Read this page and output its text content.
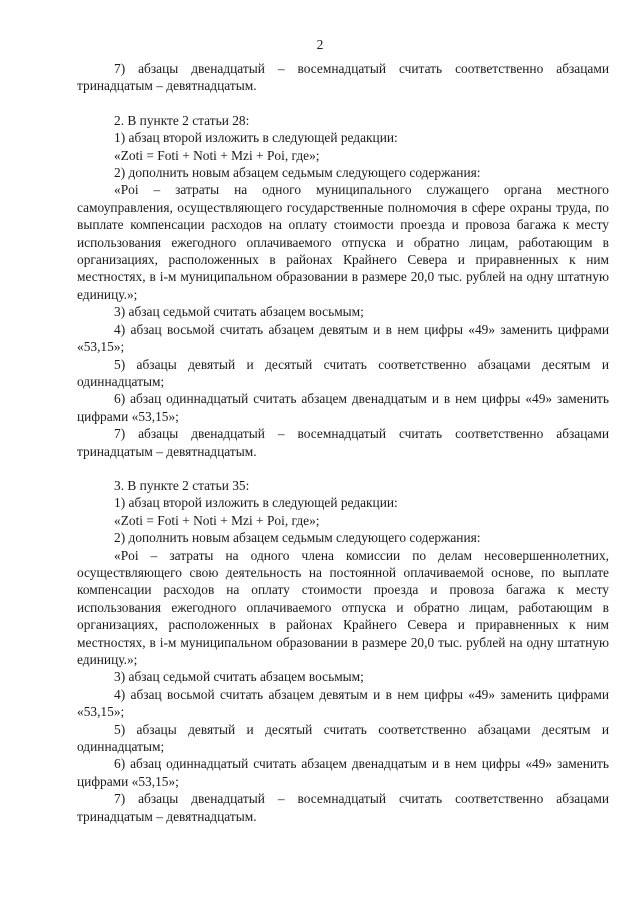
2

7) абзацы двенадцатый – восемнадцатый считать соответственно абзацами тринадцатым – девятнадцатым.

2. В пункте 2 статьи 28:

1) абзац второй изложить в следующей редакции:

«Zoti = Foti + Noti + Mzi + Poi, где»;

2) дополнить новым абзацем седьмым следующего содержания:

«Poi – затраты на одного муниципального служащего органа местного самоуправления, осуществляющего государственные полномочия в сфере охраны труда, по выплате компенсации расходов на оплату стоимости проезда и провоза багажа к месту использования ежегодного оплачиваемого отпуска и обратно лицам, работающим в организациях, расположенных в районах Крайнего Севера и приравненных к ним местностях, в i-м муниципальном образовании в размере 20,0 тыс. рублей на одну штатную единицу.»;

3) абзац седьмой считать абзацем восьмым;

4) абзац восьмой считать абзацем девятым и в нем цифры «49» заменить цифрами «53,15»;

5) абзацы девятый и десятый считать соответственно абзацами десятым и одиннадцатым;

6) абзац одиннадцатый считать абзацем двенадцатым и в нем цифры «49» заменить цифрами «53,15»;

7) абзацы двенадцатый – восемнадцатый считать соответственно абзацами тринадцатым – девятнадцатым.

3. В пункте 2 статьи 35:

1) абзац второй изложить в следующей редакции:

«Zoti = Foti + Noti + Mzi + Poi, где»;

2) дополнить новым абзацем седьмым следующего содержания:

«Poi – затраты на одного члена комиссии по делам несовершеннолетних, осуществляющего свою деятельность на постоянной оплачиваемой основе, по выплате компенсации расходов на оплату стоимости проезда и провоза багажа к месту использования ежегодного оплачиваемого отпуска и обратно лицам, работающим в организациях, расположенных в районах Крайнего Севера и приравненных к ним местностях, в i-м муниципальном образовании в размере 20,0 тыс. рублей на одну штатную единицу.»;

3) абзац седьмой считать абзацем восьмым;

4) абзац восьмой считать абзацем девятым и в нем цифры «49» заменить цифрами «53,15»;

5) абзацы девятый и десятый считать соответственно абзацами десятым и одиннадцатым;

6) абзац одиннадцатый считать абзацем двенадцатым и в нем цифры «49» заменить цифрами «53,15»;

7) абзацы двенадцатый – восемнадцатый считать соответственно абзацами тринадцатым – девятнадцатым.
